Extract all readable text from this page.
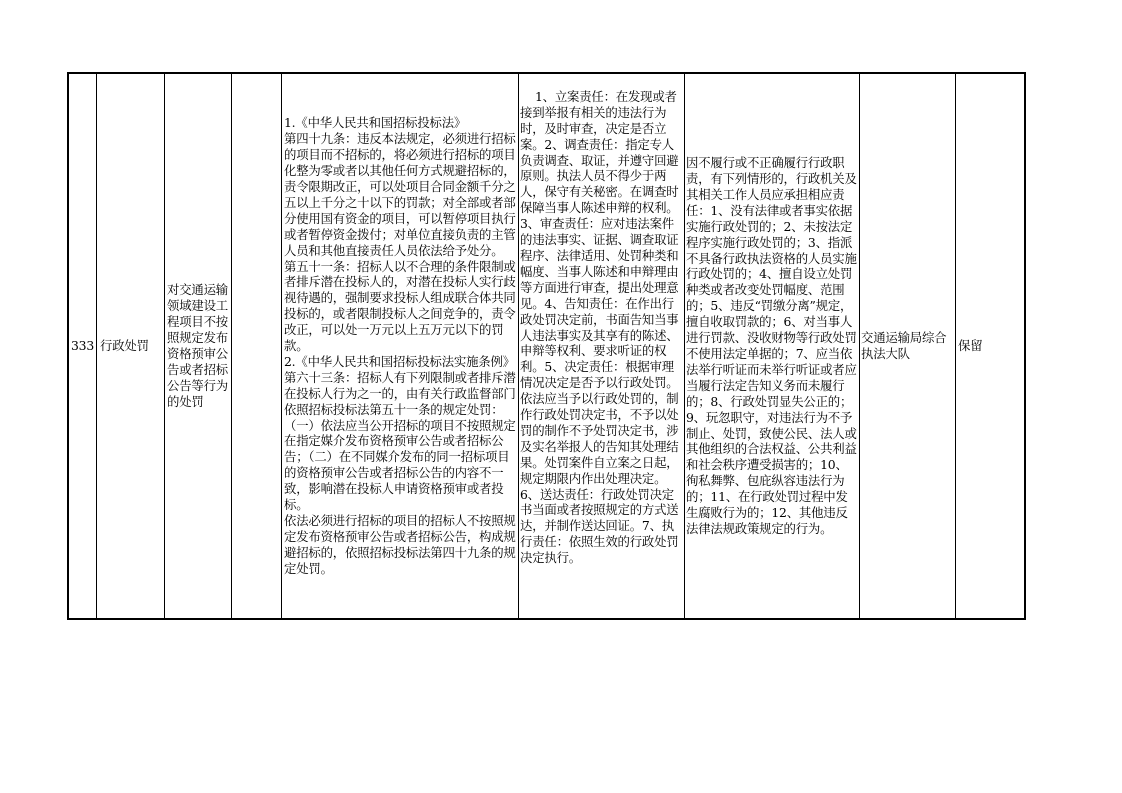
333 行政处罚
对交通运输领域建设工程项目不按照规定发布资格预审公告或者招标公告等行为的处罚
1.《中华人民共和国招标投标法》
第四十九条：违反本法规定，必须进行招标的项目而不招标的，将必须进行招标的项目化整为零或者以其他任何方式规避招标的，责令限期改正，可以处项目合同金额千分之五以上千分之十以下的罚款；对全部或者部分使用国有资金的项目，可以暂停项目执行或者暂停资金拨付；对单位直接负责的主管人员和其他直接责任人员依法给予处分。
第五十一条：招标人以不合理的条件限制或者排斥潜在投标人的，对潜在投标人实行歧视待遇的，强制要求投标人组成联合体共同投标的，或者限制投标人之间竞争的，责令改正，可以处一万元以上五万元以下的罚款。
2.《中华人民共和国招标投标法实施条例》
第六十三条：招标人有下列限制或者排斥潜在投标人行为之一的，由有关行政监督部门依照招标投标法第五十一条的规定处罚：（一）依法应当公开招标的项目不按照规定在指定媒介发布资格预审公告或者招标公告；（二）在不同媒介发布的同一招标项目的资格预审公告或者招标公告的内容不一致，影响潜在投标人申请资格预审或者投标。
依法必须进行招标的项目的招标人不按照规定发布资格预审公告或者招标公告，构成规避招标的，依照招标投标法第四十九条的规定处罚。

1、立案责任：在发现或者接到举报有相关的违法行为时，及时审查，决定是否立案。2、调查责任：指定专人负责调查、取证，并遵守回避原则。执法人员不得少于两人，保守有关秘密。在调查时保障当事人陈述申辩的权利。3、审查责任：应对违法案件的违法事实、证据、调查取证程序、法律适用、处罚种类和幅度、当事人陈述和申辩理由等方面进行审查，提出处理意见。4、告知责任：在作出行政处罚决定前，书面告知当事人违法事实及其享有的陈述、申辩等权利、要求听证的权利。5、决定责任：根据审理情况决定是否予以行政处罚。依法应当予以行政处罚的，制作行政处罚决定书，不予以处罚的制作不予处罚决定书，涉及实名举报人的告知其处理结果。处罚案件自立案之日起，规定期限内作出处理决定。
6、送达责任：行政处罚决定书当面或者按照规定的方式送达，并制作送达回证。7、执行责任：依照生效的行政处罚决定执行。

因不履行或不正确履行行政职责，有下列情形的，行政机关及其相关工作人员应承担相应责任：1、没有法律或者事实依据实施行政处罚的；2、未按法定程序实施行政处罚的；3、指派不具备行政执法资格的人员实施行政处罚的；4、擅自设立处罚种类或者改变处罚幅度、范围的；5、违反“罚缴分离”规定，擅自收取罚款的；6、对当事人进行罚款、没收财物等行政处罚不使用法定单据的；7、应当依法举行听证而未举行听证或者应当履行法定告知义务而未履行的；8、行政处罚显失公正的；9、玩忽职守，对违法行为不予制止、处罚，致使公民、法人或其他组织的合法权益、公共利益和社会秩序遭受损害的；10、徇私舞弊、包庇纵容违法行为的；11、在行政处罚过程中发生腐败行为的；12、其他违反法律法规政策规定的行为。
交通运输局综合执法大队
保留
